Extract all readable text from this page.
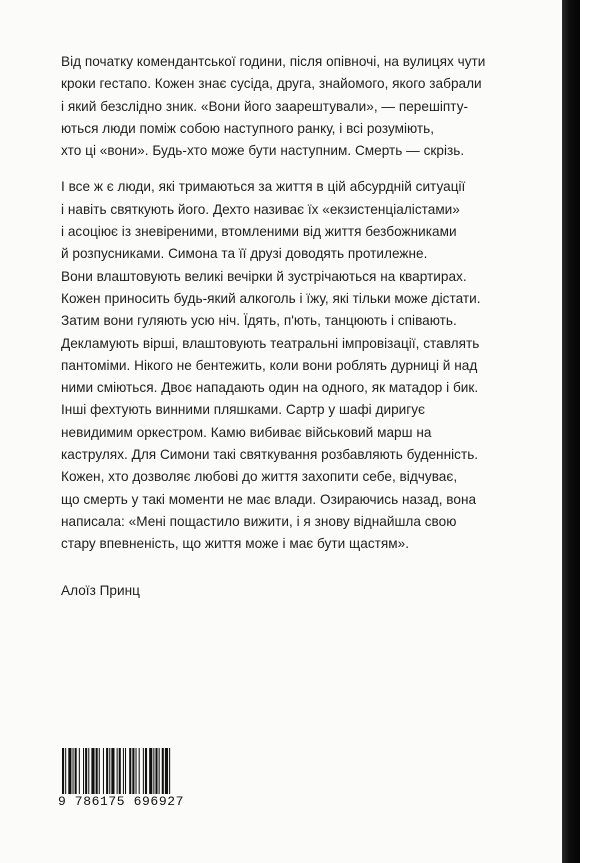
Від початку комендантської години, після опівночі, на вулицях чути
кроки гестапо. Кожен знає сусіда, друга, знайомого, якого забрали
і який безслідно зник. «Вони його заарештували», — перешіпту-
ються люди поміж собою наступного ранку, і всі розуміють,
хто ці «вони». Будь-хто може бути наступним. Смерть — скрізь.

І все ж є люди, які тримаються за життя в цій абсурдній ситуації
і навіть святкують його. Дехто називає їх «екзистенціалістами»
і асоціює із зневіреними, втомленими від життя безбожниками
й розпусниками. Симона та її друзі доводять протилежне.
Вони влаштовують великі вечірки й зустрічаються на квартирах.
Кожен приносить будь-який алкоголь і їжу, які тільки може дістати.
Затим вони гуляють усю ніч. Їдять, п'ють, танцюють і співають.
Декламують вірші, влаштовують театральні імпровізації, ставлять
пантоміми. Нікого не бентежить, коли вони роблять дурниці й над
ними сміються. Двоє нападають один на одного, як матадор і бик.
Інші фехтують винними пляшками. Сартр у шафі диригує
невидимим оркестром. Камю вибиває військовий марш на
каструлях. Для Симони такі святкування розбавляють буденність.
Кожен, хто дозволяє любові до життя захопити себе, відчуває,
що смерть у такі моменти не має влади. Озираючись назад, вона
написала: «Мені пощастило вижити, і я знову віднайшла свою
стару впевненість, що життя може і має бути щастям».

Алоїз Принц
9 786175 696927
